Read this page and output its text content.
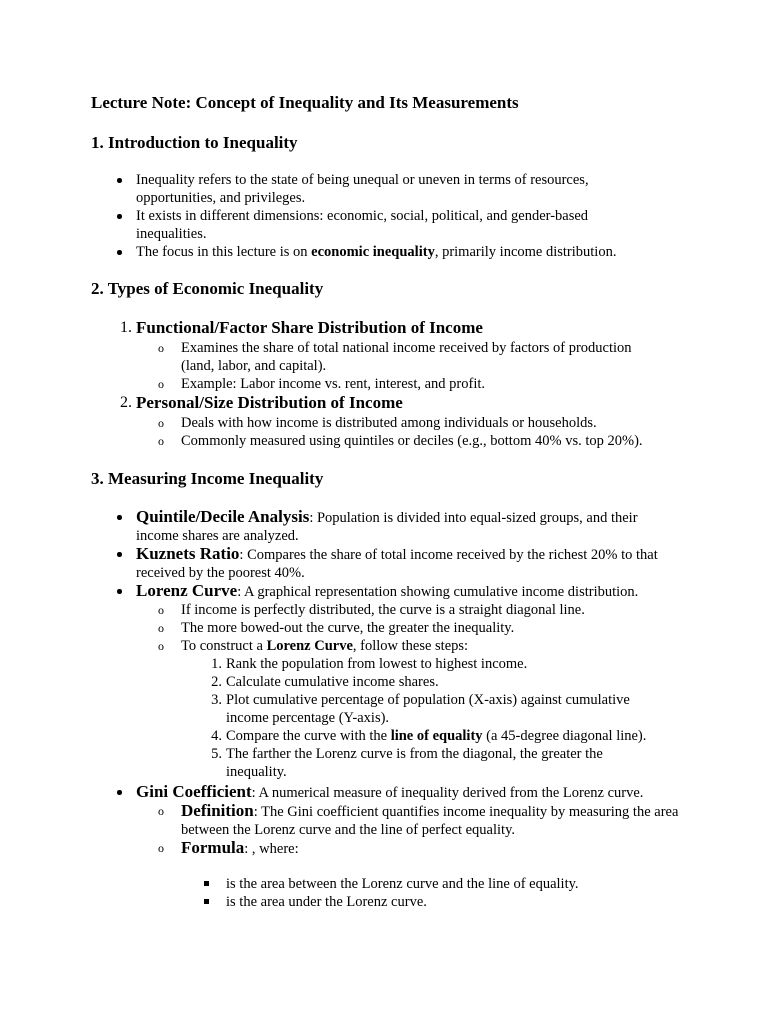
Lecture Note: Concept of Inequality and Its Measurements
1. Introduction to Inequality
Inequality refers to the state of being unequal or uneven in terms of resources, opportunities, and privileges.
It exists in different dimensions: economic, social, political, and gender-based inequalities.
The focus in this lecture is on economic inequality, primarily income distribution.
2. Types of Economic Inequality
1. Functional/Factor Share Distribution of Income
o Examines the share of total national income received by factors of production (land, labor, and capital).
o Example: Labor income vs. rent, interest, and profit.
2. Personal/Size Distribution of Income
o Deals with how income is distributed among individuals or households.
o Commonly measured using quintiles or deciles (e.g., bottom 40% vs. top 20%).
3. Measuring Income Inequality
Quintile/Decile Analysis: Population is divided into equal-sized groups, and their income shares are analyzed.
Kuznets Ratio: Compares the share of total income received by the richest 20% to that received by the poorest 40%.
Lorenz Curve: A graphical representation showing cumulative income distribution.
o If income is perfectly distributed, the curve is a straight diagonal line.
o The more bowed-out the curve, the greater the inequality.
o To construct a Lorenz Curve, follow these steps:
1. Rank the population from lowest to highest income.
2. Calculate cumulative income shares.
3. Plot cumulative percentage of population (X-axis) against cumulative income percentage (Y-axis).
4. Compare the curve with the line of equality (a 45-degree diagonal line).
5. The farther the Lorenz curve is from the diagonal, the greater the inequality.
Gini Coefficient: A numerical measure of inequality derived from the Lorenz curve.
o Definition: The Gini coefficient quantifies income inequality by measuring the area between the Lorenz curve and the line of perfect equality.
o Formula: , where:
is the area between the Lorenz curve and the line of equality.
is the area under the Lorenz curve.
